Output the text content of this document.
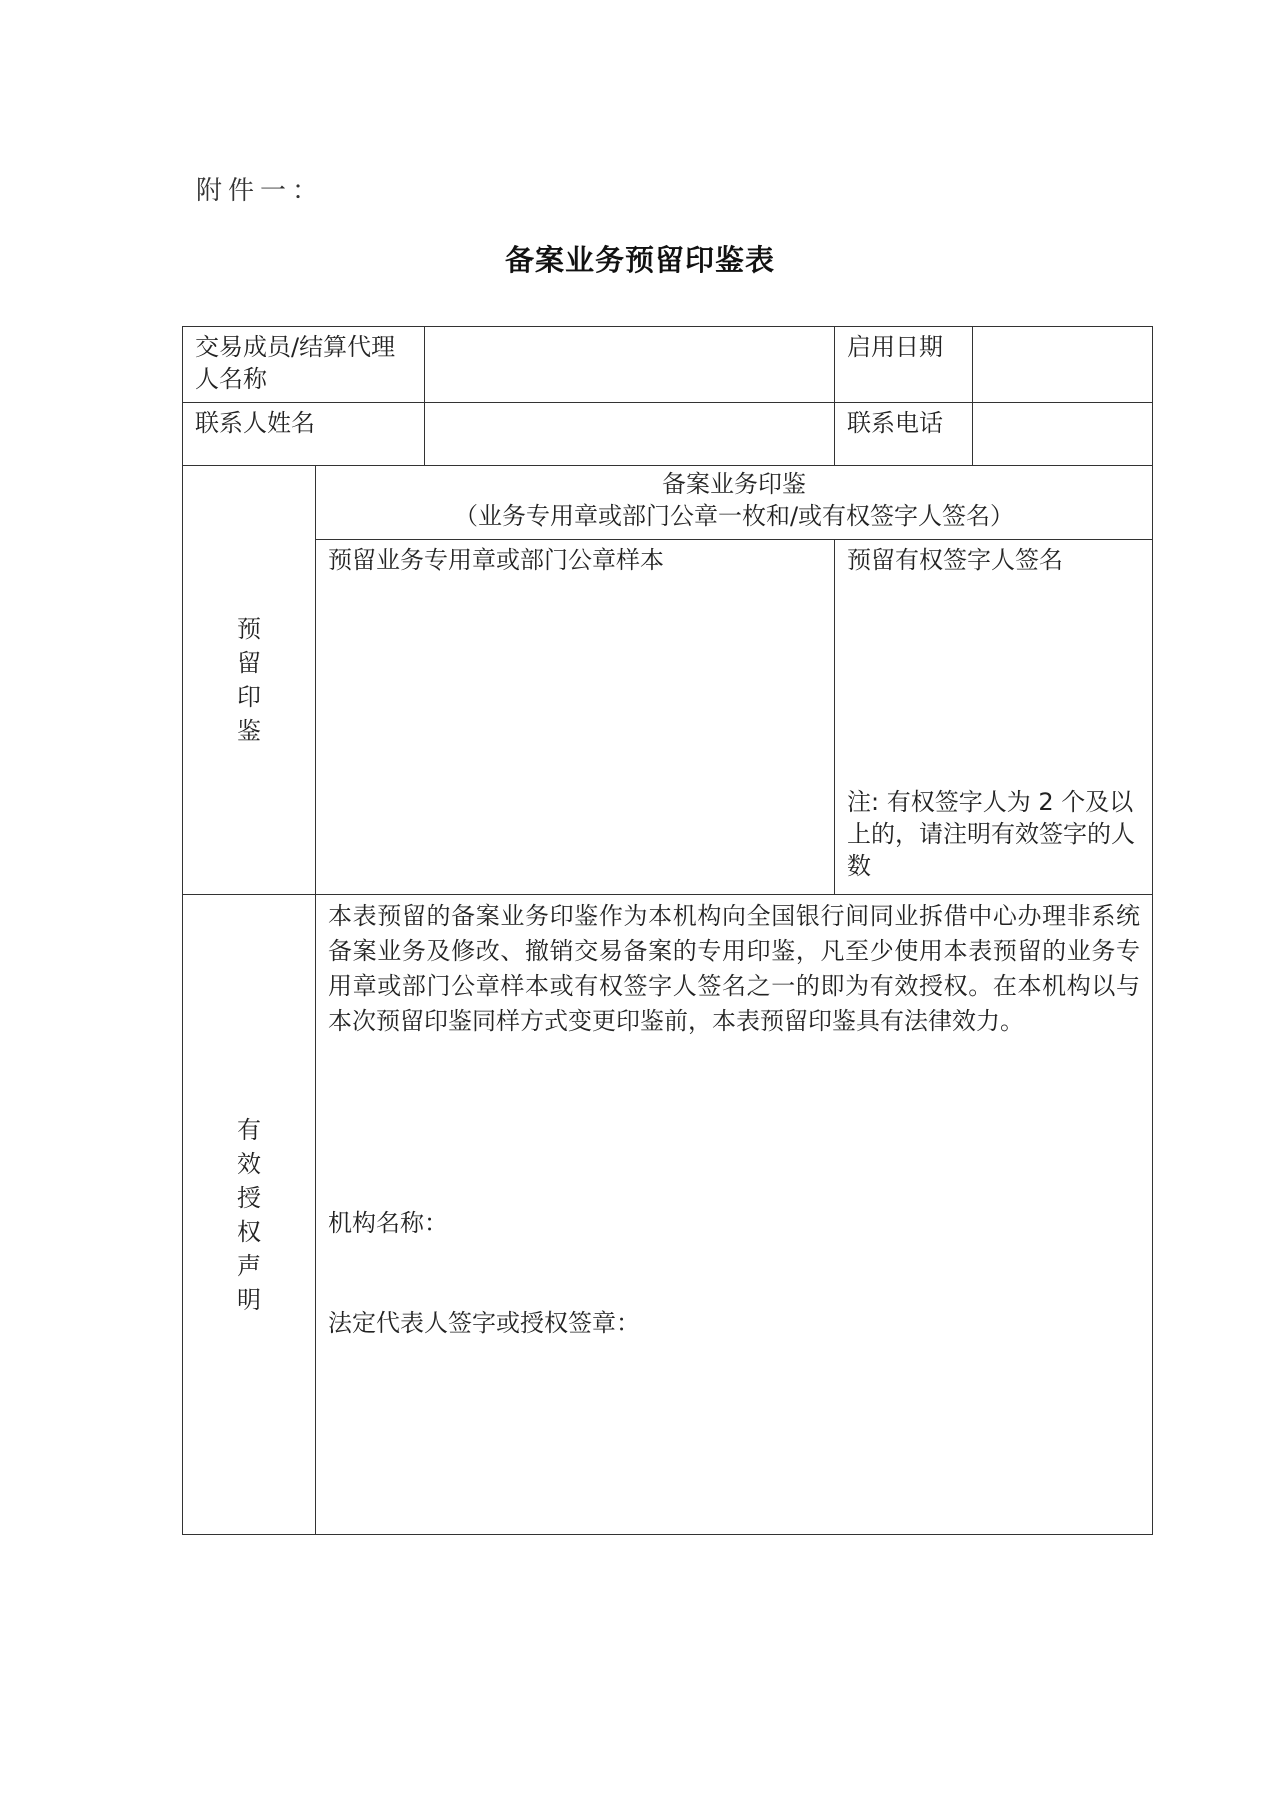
附件一：
备案业务预留印鉴表
交易成员/结算代理人名称			启用日期	
联系人姓名			联系电话	
预留印鉴	备案业务印鉴
（业务专用章或部门公章一枚和/或有权签字人签名）			

	预留业务专用章或部门公章样本		预留有权签字人签名
注: 有权签字人为 2 个及以上的，请注明有效签字的人数	

有效授权声明	本表预留的备案业务印鉴作为本机构向全国银行间同业拆借中心办理非系统备案业务及修改、撤销交易备案的专用印鉴，凡至少使用本表预留的业务专用章或部门公章样本或有权签字人签名之一的即为有效授权。在本机构以与本次预留印鉴同样方式变更印鉴前，本表预留印鉴具有法律效力。
机构名称：
法定代表人签字或授权签章：			
